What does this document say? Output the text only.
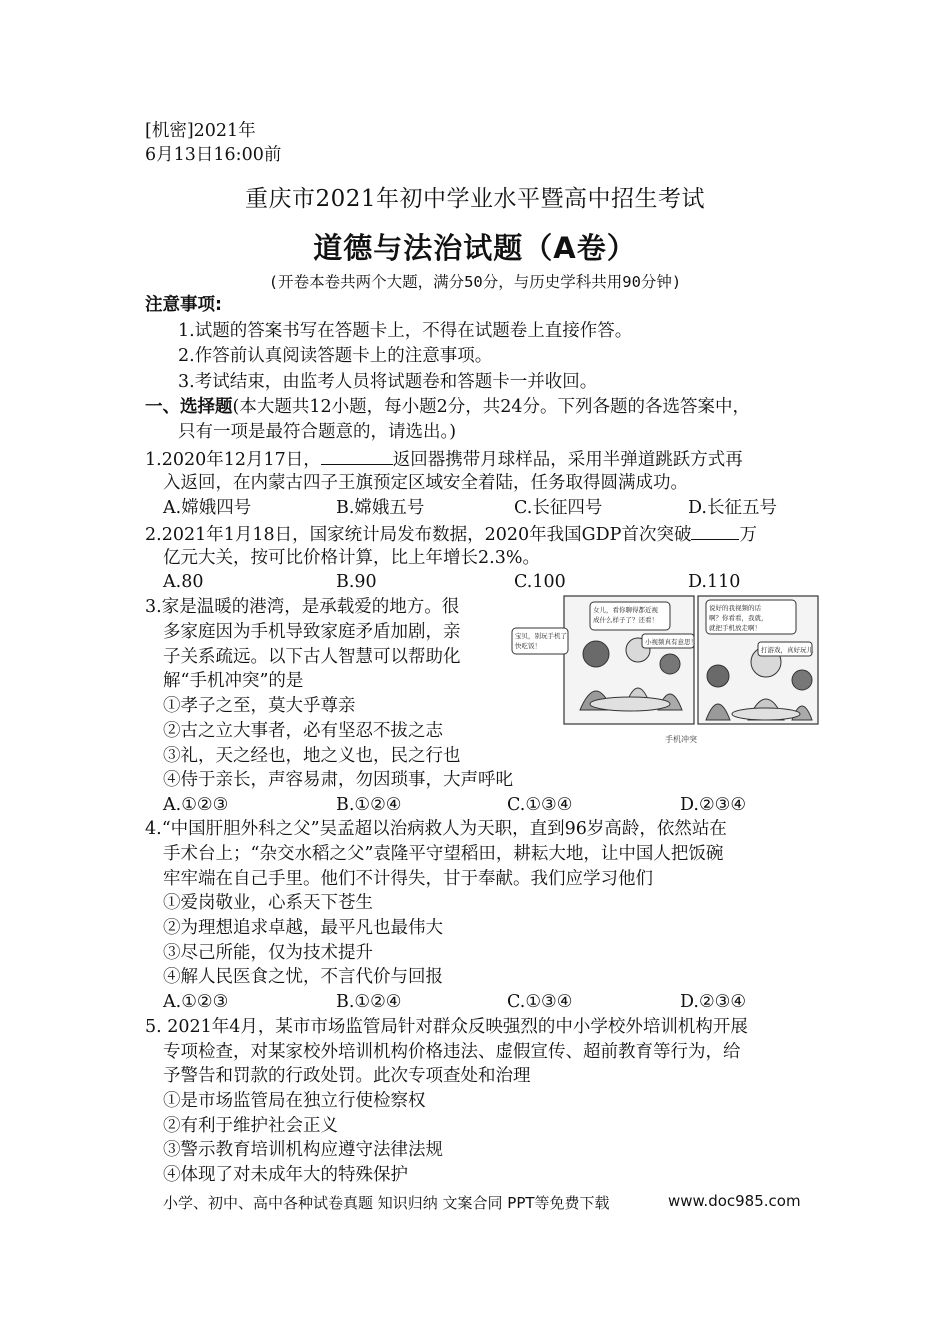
[机密]2021年
6月13日16:00前
重庆市2021年初中学业水平暨高中招生考试
道德与法治试题（A卷）
(开卷本卷共两个大题，满分50分，与历史学科共用90分钟)
注意事项:
1.试题的答案书写在答题卡上，不得在试题卷上直接作答。
2.作答前认真阅读答题卡上的注意事项。
3.考试结束，由监考人员将试题卷和答题卡一并收回。
一、选择题(本大题共12小题，每小题2分，共24分。下列各题的各选答案中，
只有一项是最符合题意的，请选出。)
1.2020年12月17日，	返回器携带月球样品，采用半弹道跳跃方式再
入返回，在内蒙古四子王旗预定区域安全着陆，任务取得圆满成功。
A.嫦娥四号	B.嫦娥五号	C.长征四号	D.长征五号
2.2021年1月18日，国家统计局发布数据，2020年我国GDP首次突破	万
亿元大关，按可比价格计算，比上年增长2.3%。
A.80	B.90	C.100	D.110
3.家是温暖的港湾，是承载爱的地方。很
多家庭因为手机导致家庭矛盾加剧，亲
子关系疏远。以下古人智慧可以帮助化
解“手机冲突”的是
①孝子之至，莫大乎尊亲
②古之立大事者，必有坚忍不拔之志
③礼，天之经也，地之义也，民之行也
④侍于亲长，声容易肃，勿因琐事，大声呼叱
A.①②③	B.①②④	C.①③④	D.②③④
宝贝，别玩手机了，
快吃饭！
女儿，看你聊得都近视
成什么样子了？还看！
小视频真有意思！
说好的我视频的话
啊？你看看，我就，
就把手机放走啊！
打游戏，真好玩儿
手机冲突
4.“中国肝胆外科之父”吴孟超以治病救人为天职，直到96岁高龄，依然站在
手术台上；“杂交水稻之父”袁隆平守望稻田，耕耘大地，让中国人把饭碗
牢牢端在自己手里。他们不计得失，甘于奉献。我们应学习他们
①爱岗敬业，心系天下苍生
②为理想追求卓越，最平凡也最伟大
③尽己所能，仅为技术提升
④解人民医食之忧，不言代价与回报
A.①②③	B.①②④	C.①③④	D.②③④
5. 2021年4月，某市市场监管局针对群众反映强烈的中小学校外培训机构开展
专项检查，对某家校外培训机构价格违法、虚假宣传、超前教育等行为，给
予警告和罚款的行政处罚。此次专项查处和治理
①是市场监管局在独立行使检察权
②有利于维护社会正义
③警示教育培训机构应遵守法律法规
④体现了对未成年大的特殊保护
小学、初中、高中各种试卷真题 知识归纳 文案合同 PPT等免费下载	www.doc985.com
